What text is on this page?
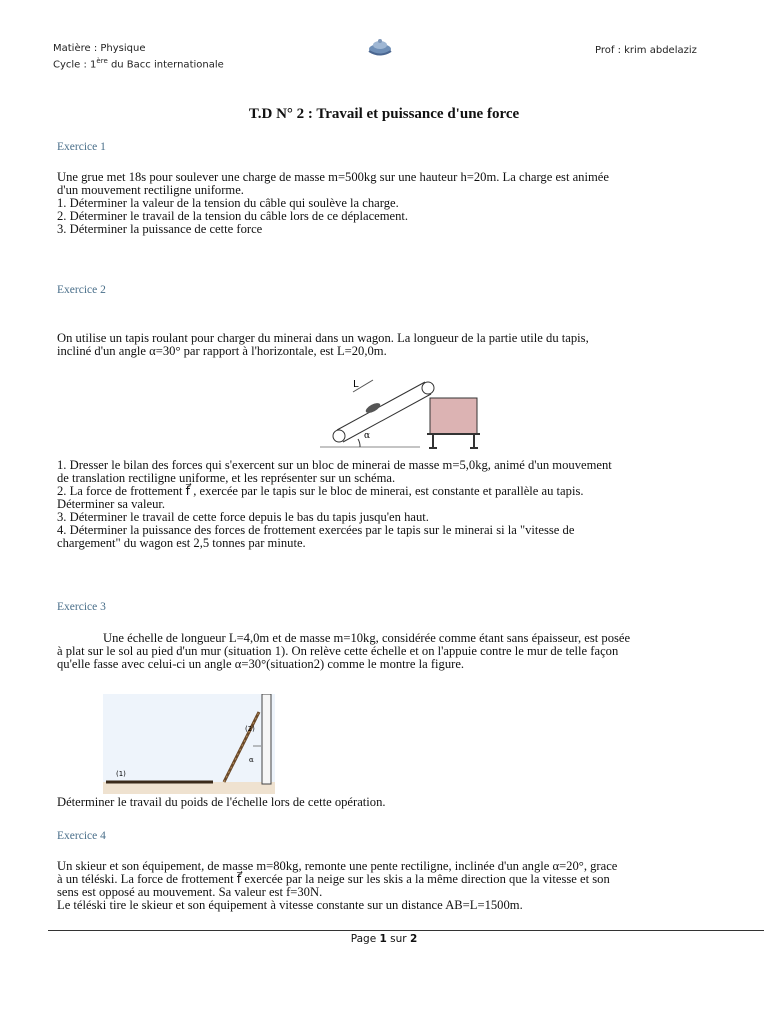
Matière : Physique
Cycle : 1ère du Bacc internationale
Prof : krim abdelaziz
T.D N° 2 : Travail et puissance d'une force
Exercice 1
Une grue met 18s pour soulever une charge de masse m=500kg sur une hauteur h=20m. La charge est animée
d'un mouvement rectiligne uniforme.
1. Déterminer la valeur de la tension du câble qui soulève la charge.
2. Déterminer le travail de la tension du câble lors de ce déplacement.
3. Déterminer la puissance de cette force
Exercice 2
On utilise un tapis roulant pour charger du minerai dans un wagon. La longueur de la partie utile du tapis,
incliné d'un angle α=30° par rapport à l'horizontale, est L=20,0m.
α
L
1. Dresser le bilan des forces qui s'exercent sur un bloc de minerai de masse m=5,0kg, animé d'un mouvement
de translation rectiligne uniforme, et les représenter sur un schéma.
2. La force de frottement f⃗ , exercée par le tapis sur le bloc de minerai, est constante et parallèle au tapis.
Déterminer sa valeur.
3. Déterminer le travail de cette force depuis le bas du tapis jusqu'en haut.
4. Déterminer la puissance des forces de frottement exercées par le tapis sur le minerai si la "vitesse de
chargement" du wagon est 2,5 tonnes par minute.
Exercice 3
Une échelle de longueur L=4,0m et de masse m=10kg, considérée comme étant sans épaisseur, est posée
à plat sur le sol au pied d'un mur (situation 1). On relève cette échelle et on l'appuie contre le mur de telle façon
qu'elle fasse avec celui-ci un angle α=30°(situation2) comme le montre la figure.
(2)
α
(1)
Déterminer le travail du poids de l'échelle lors de cette opération.
Exercice 4
Un skieur et son équipement, de masse m=80kg, remonte une pente rectiligne, inclinée d'un angle α=20°, grace
à un téléski. La force de frottement f⃗ exercée par la neige sur les skis a la même direction que la vitesse et son
sens est opposé au mouvement. Sa valeur est f=30N.
Le téléski tire le skieur et son équipement à vitesse constante sur un distance AB=L=1500m.
Page 1 sur 2
